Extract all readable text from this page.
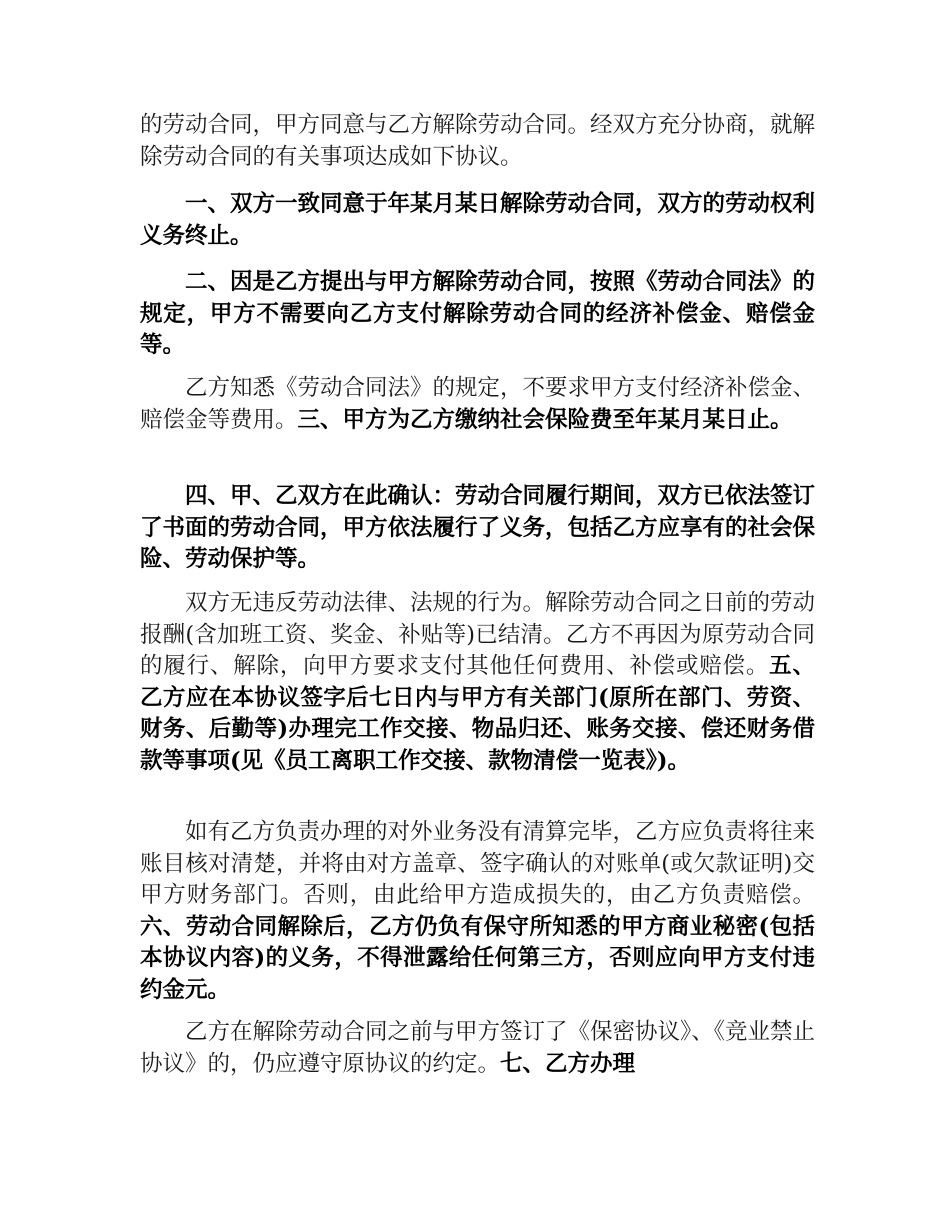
的劳动合同，甲方同意与乙方解除劳动合同。经双方充分协商，就解除劳动合同的有关事项达成如下协议。

一、双方一致同意于年某月某日解除劳动合同，双方的劳动权利义务终止。

二、因是乙方提出与甲方解除劳动合同，按照《劳动合同法》的规定，甲方不需要向乙方支付解除劳动合同的经济补偿金、赔偿金等。

乙方知悉《劳动合同法》的规定，不要求甲方支付经济补偿金、赔偿金等费用。三、甲方为乙方缴纳社会保险费至年某月某日止。

四、甲、乙双方在此确认：劳动合同履行期间，双方已依法签订了书面的劳动合同，甲方依法履行了义务，包括乙方应享有的社会保险、劳动保护等。

双方无违反劳动法律、法规的行为。解除劳动合同之日前的劳动报酬(含加班工资、奖金、补贴等)已结清。乙方不再因为原劳动合同的履行、解除，向甲方要求支付其他任何费用、补偿或赔偿。五、乙方应在本协议签字后七日内与甲方有关部门(原所在部门、劳资、财务、后勤等)办理完工作交接、物品归还、账务交接、偿还财务借款等事项(见《员工离职工作交接、款物清偿一览表》)。

如有乙方负责办理的对外业务没有清算完毕，乙方应负责将往来账目核对清楚，并将由对方盖章、签字确认的对账单(或欠款证明)交甲方财务部门。否则，由此给甲方造成损失的，由乙方负责赔偿。六、劳动合同解除后，乙方仍负有保守所知悉的甲方商业秘密(包括本协议内容)的义务，不得泄露给任何第三方，否则应向甲方支付违约金元。

乙方在解除劳动合同之前与甲方签订了《保密协议》、《竞业禁止协议》的，仍应遵守原协议的约定。七、乙方办理
